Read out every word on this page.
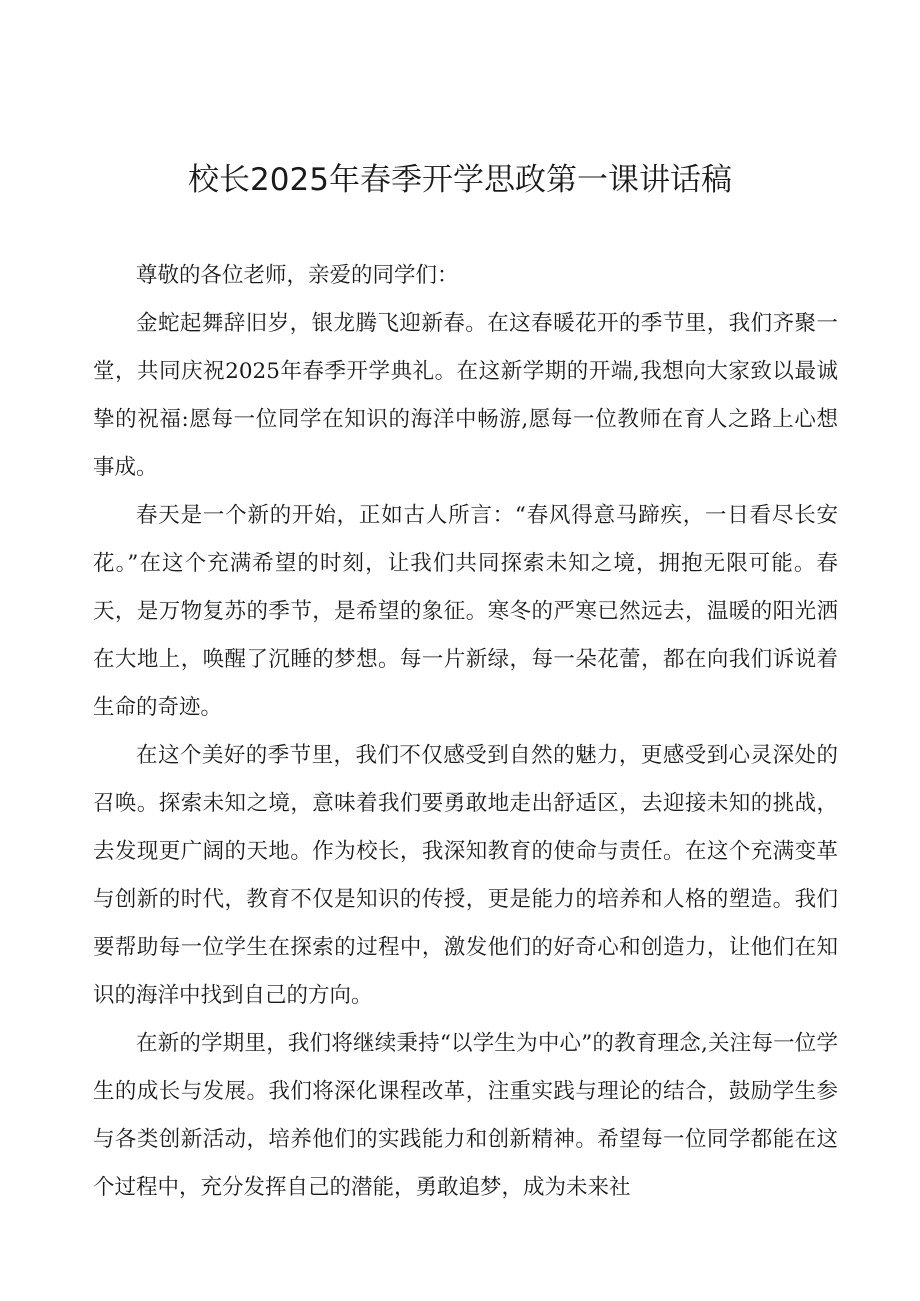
校长2025年春季开学思政第一课讲话稿

尊敬的各位老师，亲爱的同学们：

金蛇起舞辞旧岁，银龙腾飞迎新春。在这春暖花开的季节里，我们齐聚一堂，共同庆祝2025年春季开学典礼。在这新学期的开端,我想向大家致以最诚挚的祝福:愿每一位同学在知识的海洋中畅游,愿每一位教师在育人之路上心想事成。

春天是一个新的开始，正如古人所言：“春风得意马蹄疾，一日看尽长安花。”在这个充满希望的时刻，让我们共同探索未知之境，拥抱无限可能。春天，是万物复苏的季节，是希望的象征。寒冬的严寒已然远去，温暖的阳光洒在大地上，唤醒了沉睡的梦想。每一片新绿，每一朵花蕾，都在向我们诉说着生命的奇迹。

在这个美好的季节里，我们不仅感受到自然的魅力，更感受到心灵深处的召唤。探索未知之境，意味着我们要勇敢地走出舒适区，去迎接未知的挑战，去发现更广阔的天地。作为校长，我深知教育的使命与责任。在这个充满变革与创新的时代，教育不仅是知识的传授，更是能力的培养和人格的塑造。我们要帮助每一位学生在探索的过程中，激发他们的好奇心和创造力，让他们在知识的海洋中找到自己的方向。

在新的学期里，我们将继续秉持“以学生为中心”的教育理念,关注每一位学生的成长与发展。我们将深化课程改革，注重实践与理论的结合，鼓励学生参与各类创新活动，培养他们的实践能力和创新精神。希望每一位同学都能在这个过程中，充分发挥自己的潜能，勇敢追梦，成为未来社
